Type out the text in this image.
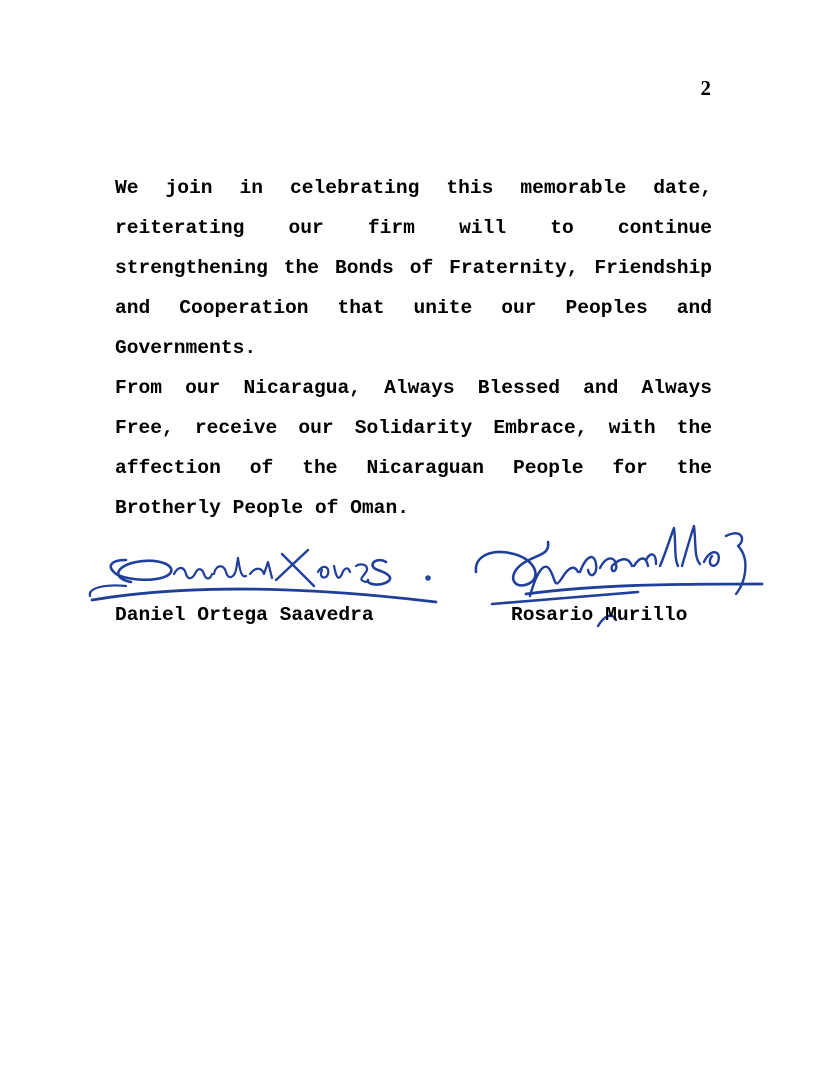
2

We join in celebrating this memorable date, reiterating our firm will to continue strengthening the Bonds of Fraternity, Friendship and Cooperation that unite our Peoples and Governments.

From our Nicaragua, Always Blessed and Always Free, receive our Solidarity Embrace, with the affection of the Nicaraguan People for the Brotherly People of Oman.

Daniel Ortega Saavedra	Rosario Murillo
